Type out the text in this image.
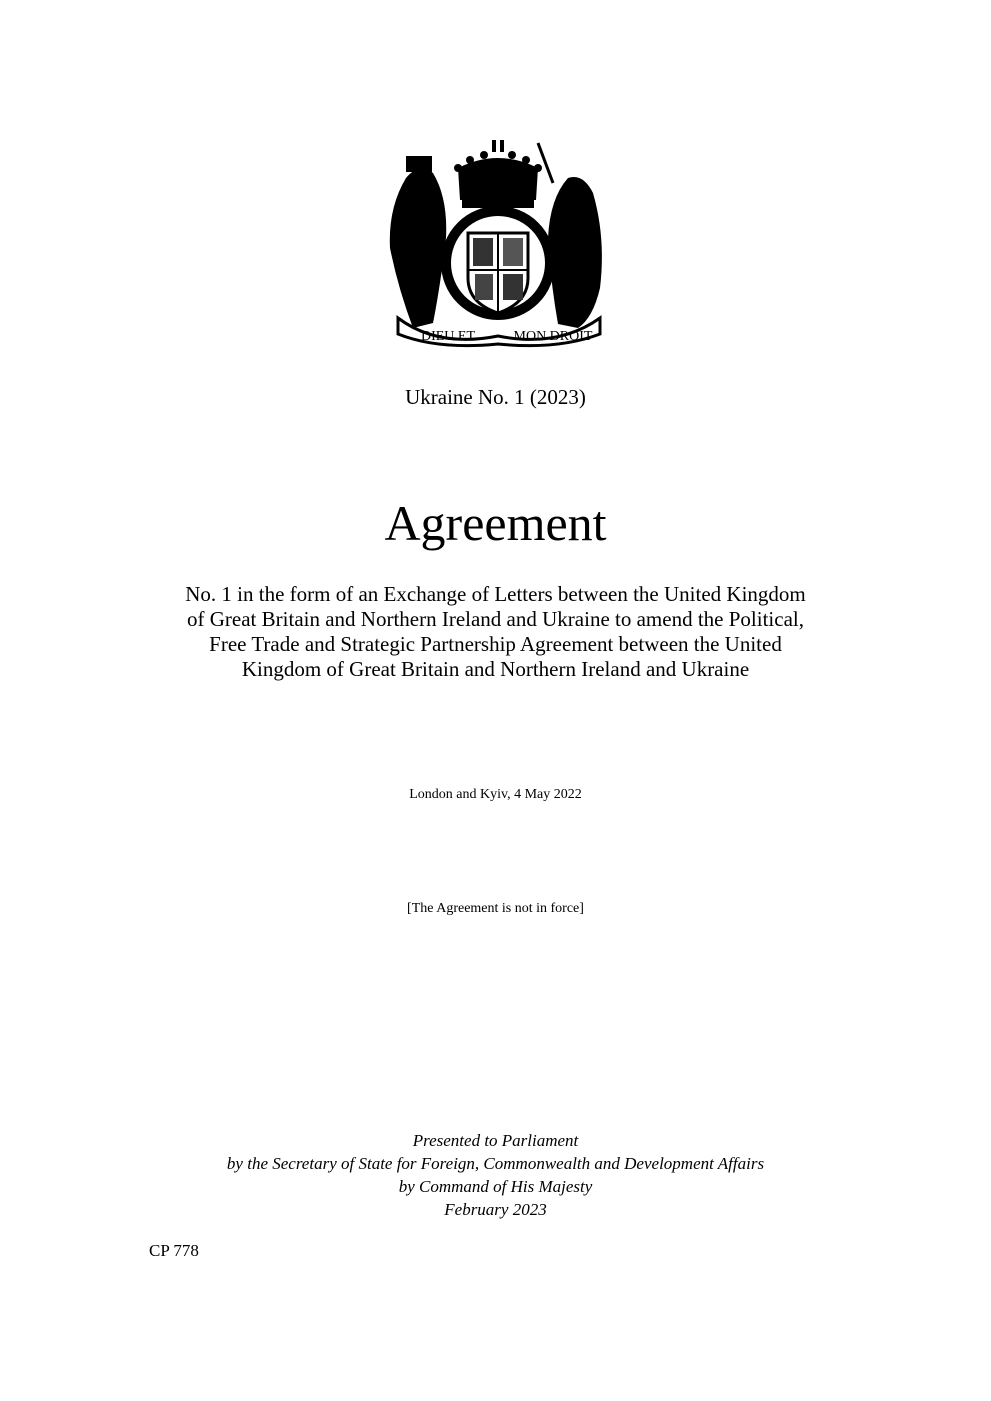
DIEU ET	MON DROIT
Ukraine No. 1 (2023)
Agreement
No. 1 in the form of an Exchange of Letters between the United Kingdom
of Great Britain and Northern Ireland and Ukraine to amend the Political,
Free Trade and Strategic Partnership Agreement between the United
Kingdom of Great Britain and Northern Ireland and Ukraine
London and Kyiv, 4 May 2022
[The Agreement is not in force]
Presented to Parliament
by the Secretary of State for Foreign, Commonwealth and Development Affairs
by Command of His Majesty
February 2023
CP 778
